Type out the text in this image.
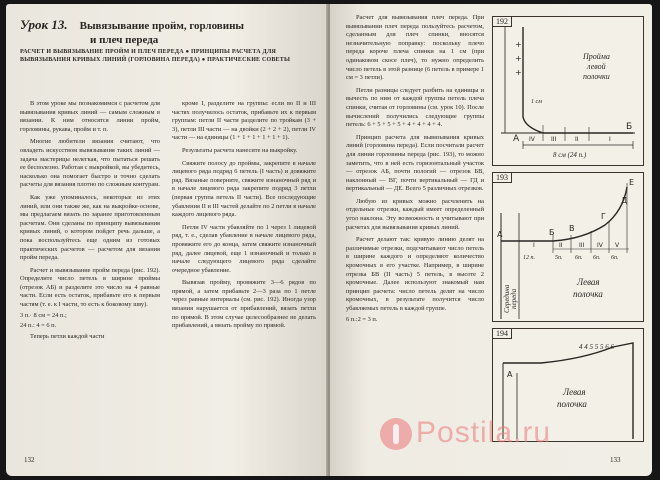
Урок 13. Вывязывание пройм, горловины
и плеч переда
РАСЧЕТ И ВЫВЯЗЫВАНИЕ ПРОЙМ И ПЛЕЧ ПЕРЕДА ● ПРИНЦИПЫ РАСЧЕТА ДЛЯ ВЫВЯЗЫВАНИЯ КРИВЫХ ЛИНИЙ (ГОРЛОВИНА ПЕРЕДА) ● ПРАКТИЧЕСКИЕ СОВЕТЫ

В этом уроке мы познакомимся с расчетом для вывязывания кривых линий — самым сложным в вязании. К ним относятся линии пройм, горловины, рукава, пройм и т. п.

Многие любители вязания считают, что овладеть искусством вывязывания таких линий — задача мастерицы нелегкая, что пытаться решать ее бесполезно. Работая с выкройкой, вы убедитесь, насколько она помогает быстро и точно сделать расчеты для вязания плотно по сложным контурам.

Как уже упоминалось, некоторые из этих линий, или они также же, как на выкройке-основе, мы предлагаем вязать по заранее приготовленным расчетам. Они сделаны по принципу вывязывания кривых линий, о котором пойдет речь дальше, а пока воспользуйтесь еще одним из готовых практических расчетов — расчетом для вязания пройм переда.

Расчет и вывязывание пройм переда (рис. 192). Определите число петель в ширине проймы (отрезок АБ) и разделите это число на 4 равные части. Если есть остаток, прибавьте его к первым частям (т. е. к I части, то есть к боковому шву).

3 п.· 8 см = 24 п.;

24 п.: 4 = 6 п.

Теперь петли каждой части

кроме I, разделите на группы: если во II и III частях получилось остаток, прибавьте их к первым группам: петли II части разделите по тройкам (3 + 3), петли III части — на двойки (2 + 2 + 2), петли IV части — на единицы (1 + 1 + 1 + 1 + 1 + 1).

Результаты расчета нанесите на выкройку.

Свяжите полосу до проймы, закрепите в начале лицевого ряда подряд 6 петель (I часть) и довяжите ряд. Вязаные поверните, свяжите изнаночный ряд и в начале лицевого ряда закрепите подряд 3 петли (первая группа петель II части). Все последующие убавления II и III частей делайте по 2 петли в начале каждого лицевого ряда.

Петли IV части убавляйте по 1 через 1 лицевой ряд, т. е., сделав убавление в начале лицевого ряда, провяжите его до конца, затем свяжите изнаночный ряд, далее лицевой, еще 1 изнаночный и только в начале следующего лицевого ряда сделайте очередное убавление.

Вывязав пройму, провяжите 3—6 рядов по прямой, а затем прибавьте 2—3 раза по 1 петле через равные интервалы (см. рис. 192). Иногда узор вязания нарушается от прибавлений, вязать петли по прямой. В этом случае целесообразнее не делать прибавлений, а вязать пройму по прямой.

132

Расчет для вывязывания плеч переда. При вывязывании плеч переда пользуйтесь расчетом, сделанным для плеч спинки, вносятся незначительную поправку: поскольку плечо переда короче плеча спинки на 1 см (при одинаковом скосе плеч), то нужно определить число петель в этой разнице (6 петель в примере 1 см = 3 петли).

Петли разницы следует разбить на единицы и вычесть по ним от каждой группы петель плеча спинки, считая от горловины (см. урок 10). После вычислений получились следующие группы петель: 6 + 5 + 5 + 5 + 4 + 4 + 4 + 4.

Принцип расчета для вывязывания кривых линий (горловина переда). Если посчитали расчет для линии горловины переда (рис. 193), то можно заметить, что в ней есть горизонтальный участок — отрезок АБ, почти пологий — отрезок БВ, наклонный — ВГ, почти вертикальный — ГД и вертикальный — ДЕ. Всего 5 различных отрезков.

Любую из кривых можно расчленить на отдельные отрезки, каждый имеет определенный угол наклона. Эту возможность и учитывают при расчетах для вывязывания кривых линий.

Расчет делают так: кривую линию делят на различимые отрезки, подсчитывают число петель в ширине каждого и определяют количество кромочных в его участке. Например, в ширине отрезка БВ (II часть) 5 петель, в высоте 2 кромочные. Далее используют знакомый нам принцип расчета: число петель делят на число кромочных, в результате получится число убавляемых петель в каждой группе.

6 п.:2 = 3 п.

+
+
+
1 см
Пройма
левой
полочки
А
Б
IV	III	II	I
8 см (24 п.)
192
А	Б В
Г
Д
Е
12 п.	5п. 6п. 6п. 6п.
I	II	III IV V
Левая
полочка
Середина переда
193
4 4 5 5 5 6 6
А
Левая
полочка
194
133
Postila.ru
